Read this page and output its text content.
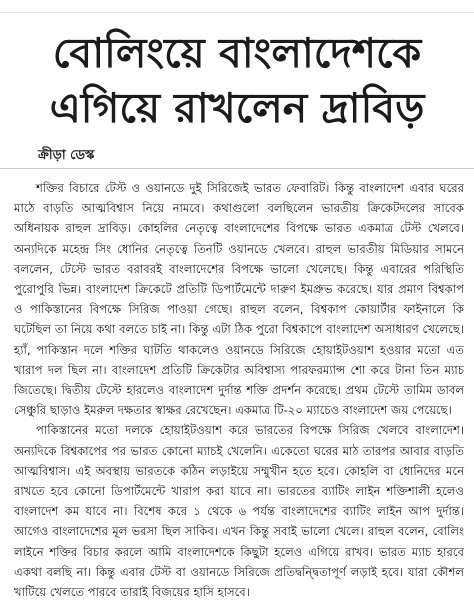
বোলিংয়ে বাংলাদেশকে
এগিয়ে রাখলেন দ্রাবিড়
ক্রীড়া ডেস্ক

শক্তির বিচারে টেস্ট ও ওয়ানডে দুই সিরিজেই ভারত ফেবারিট। কিন্তু বাংলাদেশ এবার ঘরের মাঠে বাড়তি আত্মবিশ্বাস নিয়ে নামবে। কথাগুলো বলছিলেন ভারতীয় ক্রিকেটদলের সাবেক অধিনায়ক রাহুল দ্রাবিড়। কোহলির নেতৃত্বে বাংলাদেশের বিপক্ষে ভারত একমাত্র টেস্ট খেলবে। অন্যদিকে মহেন্দ্র সিং ধোনির নেতৃত্বে তিনটি ওয়ানডে খেলবে। রাহুল ভারতীয় মিডিয়ার সামনে বললেন, টেস্টে ভারত বরাবরই বাংলাদেশের বিপক্ষে ভালো খেলেছে। কিন্তু এবারের পরিস্থিতি পুরোপুরি ভিন্ন। বাংলাদেশ ক্রিকেটে প্রতিটি ডিপার্টমেন্টে দারুণ ইমপ্রুভ করেছে। যার প্রমাণ বিশ্বকাপ ও পাকিস্তানের বিপক্ষে সিরিজ পাওয়া গেছে। রাহুল বলেন, বিশ্বকাপ কোয়ার্টার ফাইনালে কি ঘটেছিল তা নিয়ে কথা বলতে চাই না। কিন্তু এটা ঠিক পুরো বিশ্বকাপে বাংলাদেশ অসাধারণ খেলেছে। হ্যাঁ, পাকিস্তান দলে শক্তির ঘাটতি থাকলেও ওয়ানডে সিরিজে হোয়াইটওয়াশ হওয়ার মতো এত খারাপ দল ছিল না। বাংলাদেশ প্রতিটি ক্রিকেটার অবিশ্বাস্য পারফরম্যান্স শো করে টানা তিন ম্যাচ জিতেছে। দ্বিতীয় টেস্টে হারলেও বাংলাদেশ দুর্দান্ত শক্তি প্রদর্শন করেছে। প্রথম টেস্টে তামিম ডাবল সেঞ্চুরি ছাড়াও ইমরুল দক্ষতার স্বাক্ষর রেখেছেন। একমাত্র টি-২০ ম্যাচেও বাংলাদেশ জয় পেয়েছে।

পাকিস্তানের মতো দলকে হোয়াইটওয়াশ করে ভারতের বিপক্ষে সিরিজ খেলবে বাংলাদেশ। অন্যদিকে বিশ্বকাপের পর ভারত কোনো ম্যাচই খেলেনি। একেতো ঘরের মাঠ তারপর আবার বাড়তি আত্মবিশ্বাস। এই অবস্থায় ভারতকে কঠিন লড়াইয়ে সম্মুখীন হতে হবে। কোহলি বা ধোনিদের মনে রাখতে হবে কোনো ডিপার্টমেন্টে খারাপ করা যাবে না। ভারতের ব্যাটিং লাইন শক্তিশালী হলেও বাংলাদেশ কম যাবে না। বিশেষ করে ১ থেকে ৬ পর্যন্ত বাংলাদেশের ব্যাটিং লাইন আপ দুর্দান্ত। আগেও বাংলাদেশের মূল ভরসা ছিল সাকিব। এখন কিন্তু সবাই ভালো খেলে। রাহুল বলেন, বোলিং লাইনে শক্তির বিচার করলে আমি বাংলাদেশকে কিছুটা হলেও এগিয়ে রাখব। ভারত ম্যাচ হারবে একথা বলছি না। কিন্তু এবার টেস্ট বা ওয়ানডে সিরিজে প্রতিদ্বন্দ্বিতাপূর্ণ লড়াই হবে। যারা কৌশল খাটিয়ে খেলতে পারবে তারাই বিজয়ের হাসি হাসবে।
